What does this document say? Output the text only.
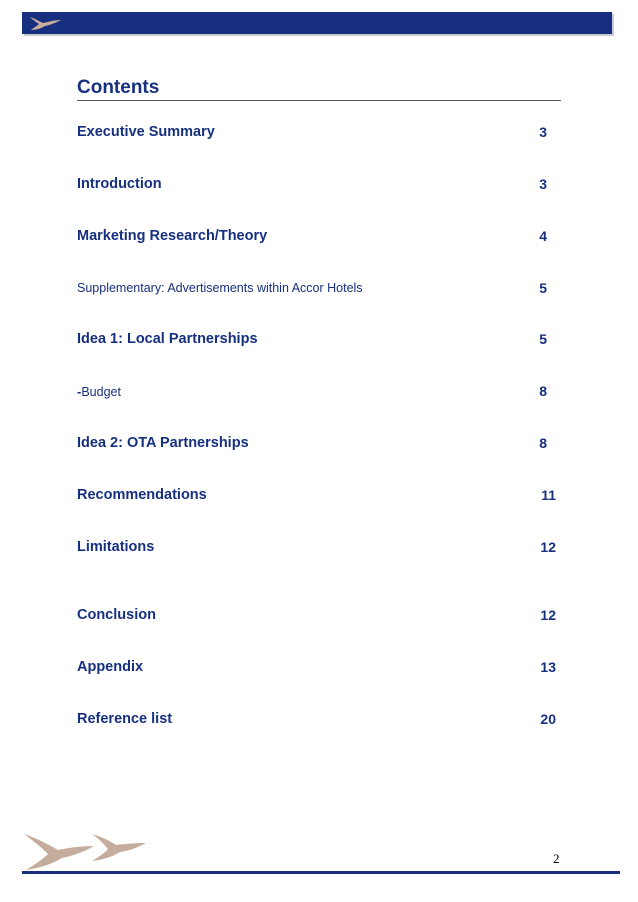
Contents
Executive Summary	3
Introduction	3
Marketing Research/Theory	4
Supplementary: Advertisements within Accor Hotels	5
Idea 1: Local Partnerships	5
-Budget	8
Idea 2: OTA Partnerships	8
Recommendations	11
Limitations	12
Conclusion	12
Appendix	13
Reference list	20
2
